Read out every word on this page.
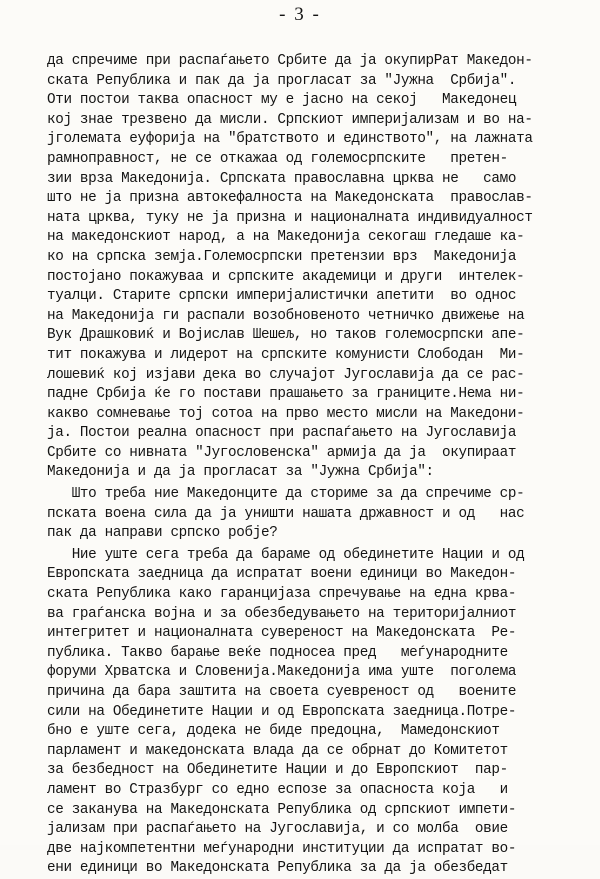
- 3 -
да спречиме при распаѓањето Србите да ја окупирРат Македон-
ската Република и пак да ја прогласат за "Јужна  Србија".
Оти постои таква опасност му е јасно на секој   Македонец
кој знае трезвено да мисли. Српскиот империјализам и во на-
јголемата еуфорија на "братството и единството", на лажната
рамноправност, не се откажаа од големосрпските   претен-
зии врза Македонија. Српската православна црква не   само
што не ја призна автокефалноста на Македонската  православ-
ната црква, туку не ја призна и националната индивидуалност
на македонскиот народ, а на Македонија секогаш гледаше ка-
ко на српска земја.Големосрпски претензии врз  Македонија
постојано покажуваа и српските академици и други  интелек-
туалци. Старите српски империјалистички апетити  во однос
на Македонија ги распали возобновеното четничко движење на
Вук Драшковиќ и Војислав Шешељ, но таков големосрпски апе-
тит покажува и лидерот на српските комунисти Слободан  Ми-
лошевиќ кој изјави дека во случајот Југославија да се рас-
падне Србија ќе го постави прашањето за границите.Нема ни-
какво сомневање тој сотоа на прво место мисли на Македони-
ја. Постои реална опасност при распаѓањето на Југославија
Србите со нивната "Југословенска" армија да ја  окупираат
Македонија и да ја прогласат за "Јужна Србија":
Што треба ние Македонците да сториме за да спречиме ср-
пската воена сила да ја уништи нашата државност и од   нас
пак да направи српско робје?
Ние уште сега треба да бараме од обединетите Нации и од
Европската заедница да испратат воени единици во Македон-
ската Република како гаранцијаза спречување на една крва-
ва граѓанска војна и за обезбедувањето на територијалниот
интегритет и националната сувереност на Македонската  Ре-
публика. Такво барање веќе подносеа пред   меѓународните
форуми Хрватска и Словенија.Македонија има уште  поголема
причина да бара заштита на своета суевреност од   воените
сили на Обединетите Нации и од Европската заедница.Потре-
бно е уште сега, додека не биде предоцна,  Мамедонскиот
парламент и македонската влада да се обрнат до Комитетот
за безбедност на Обединетите Нации и до Европскиот  пар-
ламент во Стразбург со едно еспозе за опасноста која   и
се заканува на Македонската Република од српскиот импети-
јализам при распаѓањето на Југославија, и со молба  овие
две најкомпетентни меѓународни институции да испратат во-
ени единици во Македонската Република за да ја обезбедат
